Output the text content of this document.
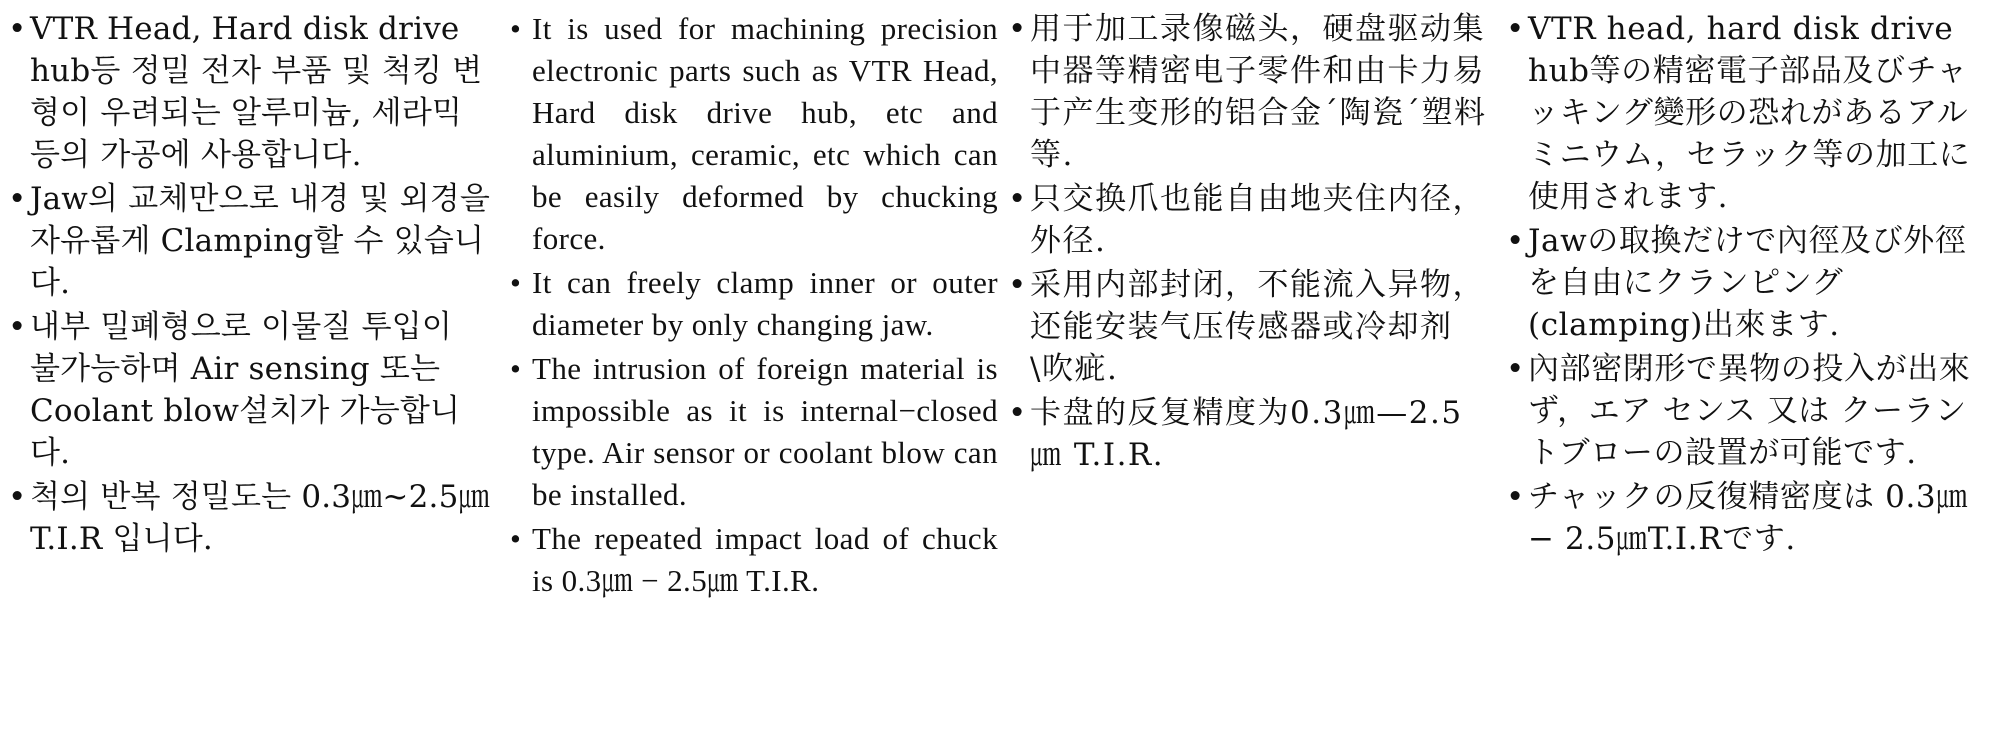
• VTR Head, Hard disk drive hub등 정밀 전자 부품 및 척킹 변형이 우려되는 알루미늄, 세라믹등의 가공에 사용합니다.
• Jaw의 교체만으로 내경 및 외경을 자유롭게 Clamping할 수 있습니다.
• 내부 밀폐형으로 이물질 투입이 불가능하며 Air sensing 또는 Coolant blow설치가 가능합니다.
• 척의 반복 정밀도는 0.3㎛~2.5㎛ T.I.R 입니다.
• It is used for machining precision electronic parts such as VTR Head, Hard disk drive hub, etc and aluminium, ceramic, etc which can be easily deformed by chucking force.
• It can freely clamp inner or outer diameter by only changing jaw.
• The intrusion of foreign material is impossible as it is internal−closed type. Air sensor or coolant blow can be installed.
• The repeated impact load of chuck is 0.3㎛ − 2.5㎛ T.I.R.
• 用于加工录像磁头，硬盘驱动集中器等精密电子零件和由卡力易于产生变形的铝合金´陶瓷´塑料等.
• 只交换爪也能自由地夹住内径，外径.
• 采用内部封闭，不能流入异物，还能安装气压传感器或冷却剂\吹疵.
• 卡盘的反复精度为0.3㎛—2.5㎛ T.I.R.
• VTR head, hard disk drive hub等の精密電子部品及びチャッキング變形の恐れがあるアルミニウム，セラック等の加工に使用されます.
• Jawの取換だけで內徑及び外徑を自由にクランピング(clamping)出來ます.
• 內部密閉形で異物の投入が出來ず，エア センス 又は クーラントブローの設置が可能です.
• チャックの反復精密度は 0.3㎛ − 2.5㎛T.I.Rです.
